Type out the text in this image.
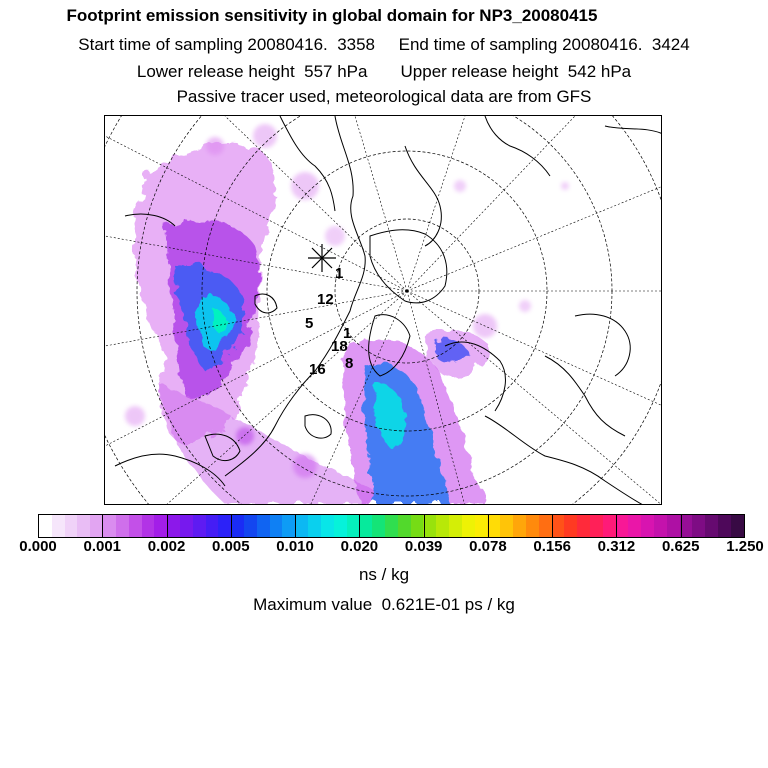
Footprint emission sensitivity in global domain for NP3_20080415
Start time of sampling 20080416.  3358     End time of sampling 20080416.  3424
Lower release height  557 hPa       Upper release height  542 hPa
Passive tracer used, meteorological data are from GFS
1
12
5
18
1
16 8
0.000 0.001 0.002 0.005 0.010 0.020 0.039 0.078 0.156 0.312 0.625 1.250
ns / kg
Maximum value  0.621E-01 ps / kg
